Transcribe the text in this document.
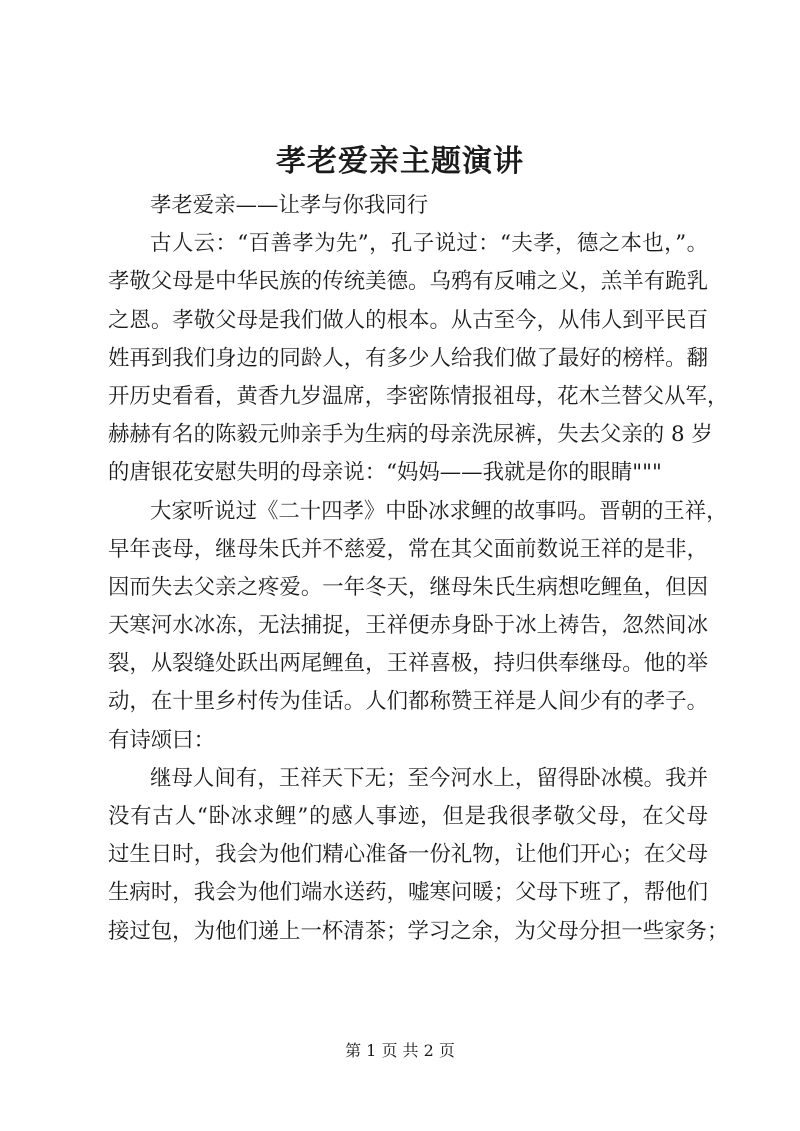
孝老爱亲主题演讲
孝老爱亲——让孝与你我同行
古人云：“百善孝为先”，孔子说过：“夫孝，德之本也，”。
孝敬父母是中华民族的传统美德。乌鸦有反哺之义，羔羊有跪乳
之恩。孝敬父母是我们做人的根本。从古至今，从伟人到平民百
姓再到我们身边的同龄人，有多少人给我们做了最好的榜样。翻
开历史看看，黄香九岁温席，李密陈情报祖母，花木兰替父从军，
赫赫有名的陈毅元帅亲手为生病的母亲洗尿裤，失去父亲的 8 岁
的唐银花安慰失明的母亲说：“妈妈——我就是你的眼睛"""
大家听说过《二十四孝》中卧冰求鲤的故事吗。晋朝的王祥，
早年丧母，继母朱氏并不慈爱，常在其父面前数说王祥的是非，
因而失去父亲之疼爱。一年冬天，继母朱氏生病想吃鲤鱼，但因
天寒河水冰冻，无法捕捉，王祥便赤身卧于冰上祷告，忽然间冰
裂，从裂缝处跃出两尾鲤鱼，王祥喜极，持归供奉继母。他的举
动，在十里乡村传为佳话。人们都称赞王祥是人间少有的孝子。
有诗颂曰：
继母人间有，王祥天下无；至今河水上，留得卧冰模。我并
没有古人“卧冰求鲤”的感人事迹，但是我很孝敬父母，在父母
过生日时，我会为他们精心准备一份礼物，让他们开心；在父母
生病时，我会为他们端水送药，嘘寒问暖；父母下班了，帮他们
接过包，为他们递上一杯清茶；学习之余，为父母分担一些家务；
第 1 页 共 2 页
